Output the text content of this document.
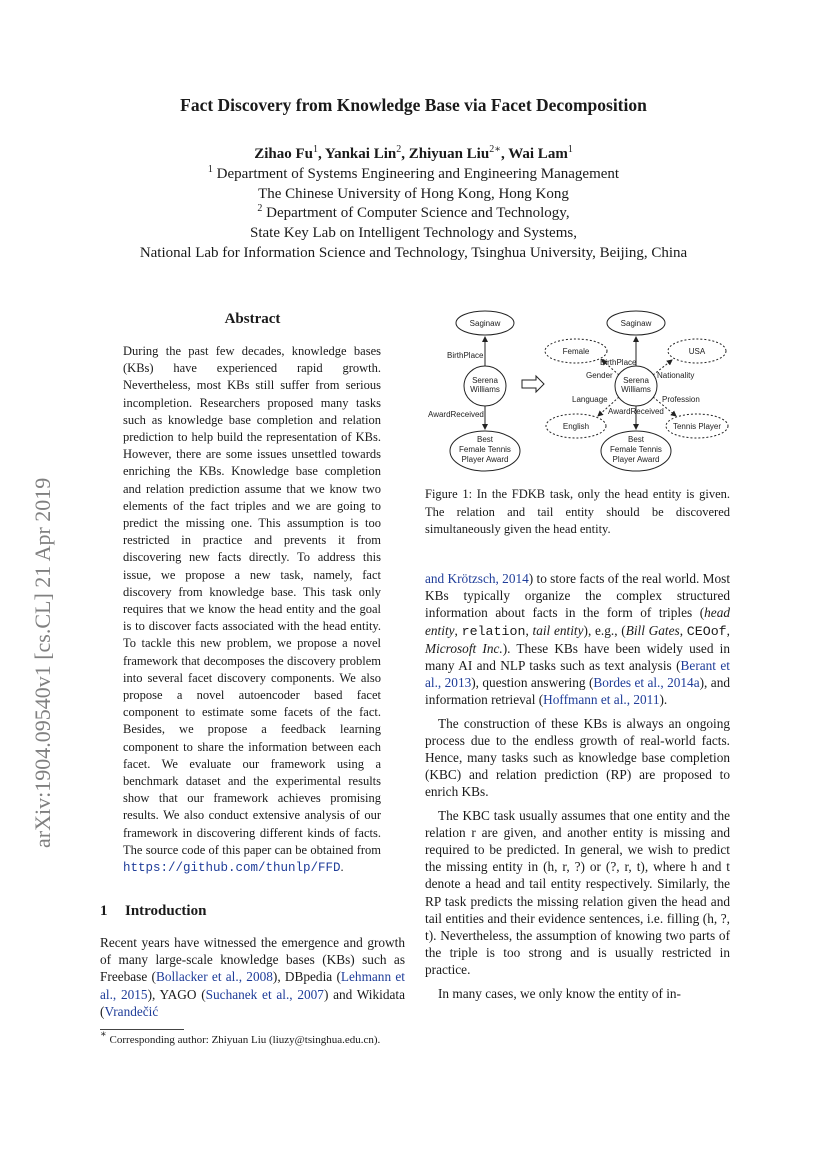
arXiv:1904.09540v1 [cs.CL] 21 Apr 2019
Fact Discovery from Knowledge Base via Facet Decomposition
Zihao Fu$^1$, Yankai Lin$^2$, Zhiyuan Liu$^{2∗}$, Wai Lam$^1$
$^1$ Department of Systems Engineering and Engineering Management
The Chinese University of Hong Kong, Hong Kong
$^2$ Department of Computer Science and Technology,
State Key Lab on Intelligent Technology and Systems,
National Lab for Information Science and Technology, Tsinghua University, Beijing, China
Abstract
During the past few decades, knowledge bases (KBs) have experienced rapid growth. Nevertheless, most KBs still suffer from serious incompletion. Researchers proposed many tasks such as knowledge base completion and relation prediction to help build the representation of KBs. However, there are some issues unsettled towards enriching the KBs. Knowledge base completion and relation prediction assume that we know two elements of the fact triples and we are going to predict the missing one. This assumption is too restricted in practice and prevents it from discovering new facts directly. To address this issue, we propose a new task, namely, fact discovery from knowledge base. This task only requires that we know the head entity and the goal is to discover facts associated with the head entity. To tackle this new problem, we propose a novel framework that decomposes the discovery problem into several facet discovery components. We also propose a novel autoencoder based facet component to estimate some facets of the fact. Besides, we propose a feedback learning component to share the information between each facet. We evaluate our framework using a benchmark dataset and the experimental results show that our framework achieves promising results. We also conduct extensive analysis of our framework in discovering different kinds of facts. The source code of this paper can be obtained from https://github.com/thunlp/FFD.
1 Introduction

Recent years have witnessed the emergence and growth of many large-scale knowledge bases (KBs) such as Freebase (Bollacker et al., 2008), DBpedia (Lehmann et al., 2015), YAGO (Suchanek et al., 2007) and Wikidata (Vrandečić

∗ Corresponding author: Zhiyuan Liu (liuzy@tsinghua.edu.cn).
Saginaw
Serena
Williams
Best
Female Tennis
Player Award
BirthPlace
AwardReceived
Saginaw
Serena
Williams
Best
Female Tennis
Player Award
Female	USA
English	Tennis Player
BirthPlace
Gender	Nationality
Language	Profession
AwardReceived
Figure 1: In the FDKB task, only the head entity is given. The relation and tail entity should be discovered simultaneously given the head entity.

and Krötzsch, 2014) to store facts of the real world. Most KBs typically organize the complex structured information about facts in the form of triples (head entity, relation, tail entity), e.g., (Bill Gates, CEOof, Microsoft Inc.). These KBs have been widely used in many AI and NLP tasks such as text analysis (Berant et al., 2013), question answering (Bordes et al., 2014a), and information retrieval (Hoffmann et al., 2011).

The construction of these KBs is always an ongoing process due to the endless growth of real-world facts. Hence, many tasks such as knowledge base completion (KBC) and relation prediction (RP) are proposed to enrich KBs.

The KBC task usually assumes that one entity and the relation r are given, and another entity is missing and required to be predicted. In general, we wish to predict the missing entity in (h, r, ?) or (?, r, t), where h and t denote a head and tail entity respectively. Similarly, the RP task predicts the missing relation given the head and tail entities and their evidence sentences, i.e. filling (h, ?, t). Nevertheless, the assumption of knowing two parts of the triple is too strong and is usually restricted in practice.

In many cases, we only know the entity of in-
